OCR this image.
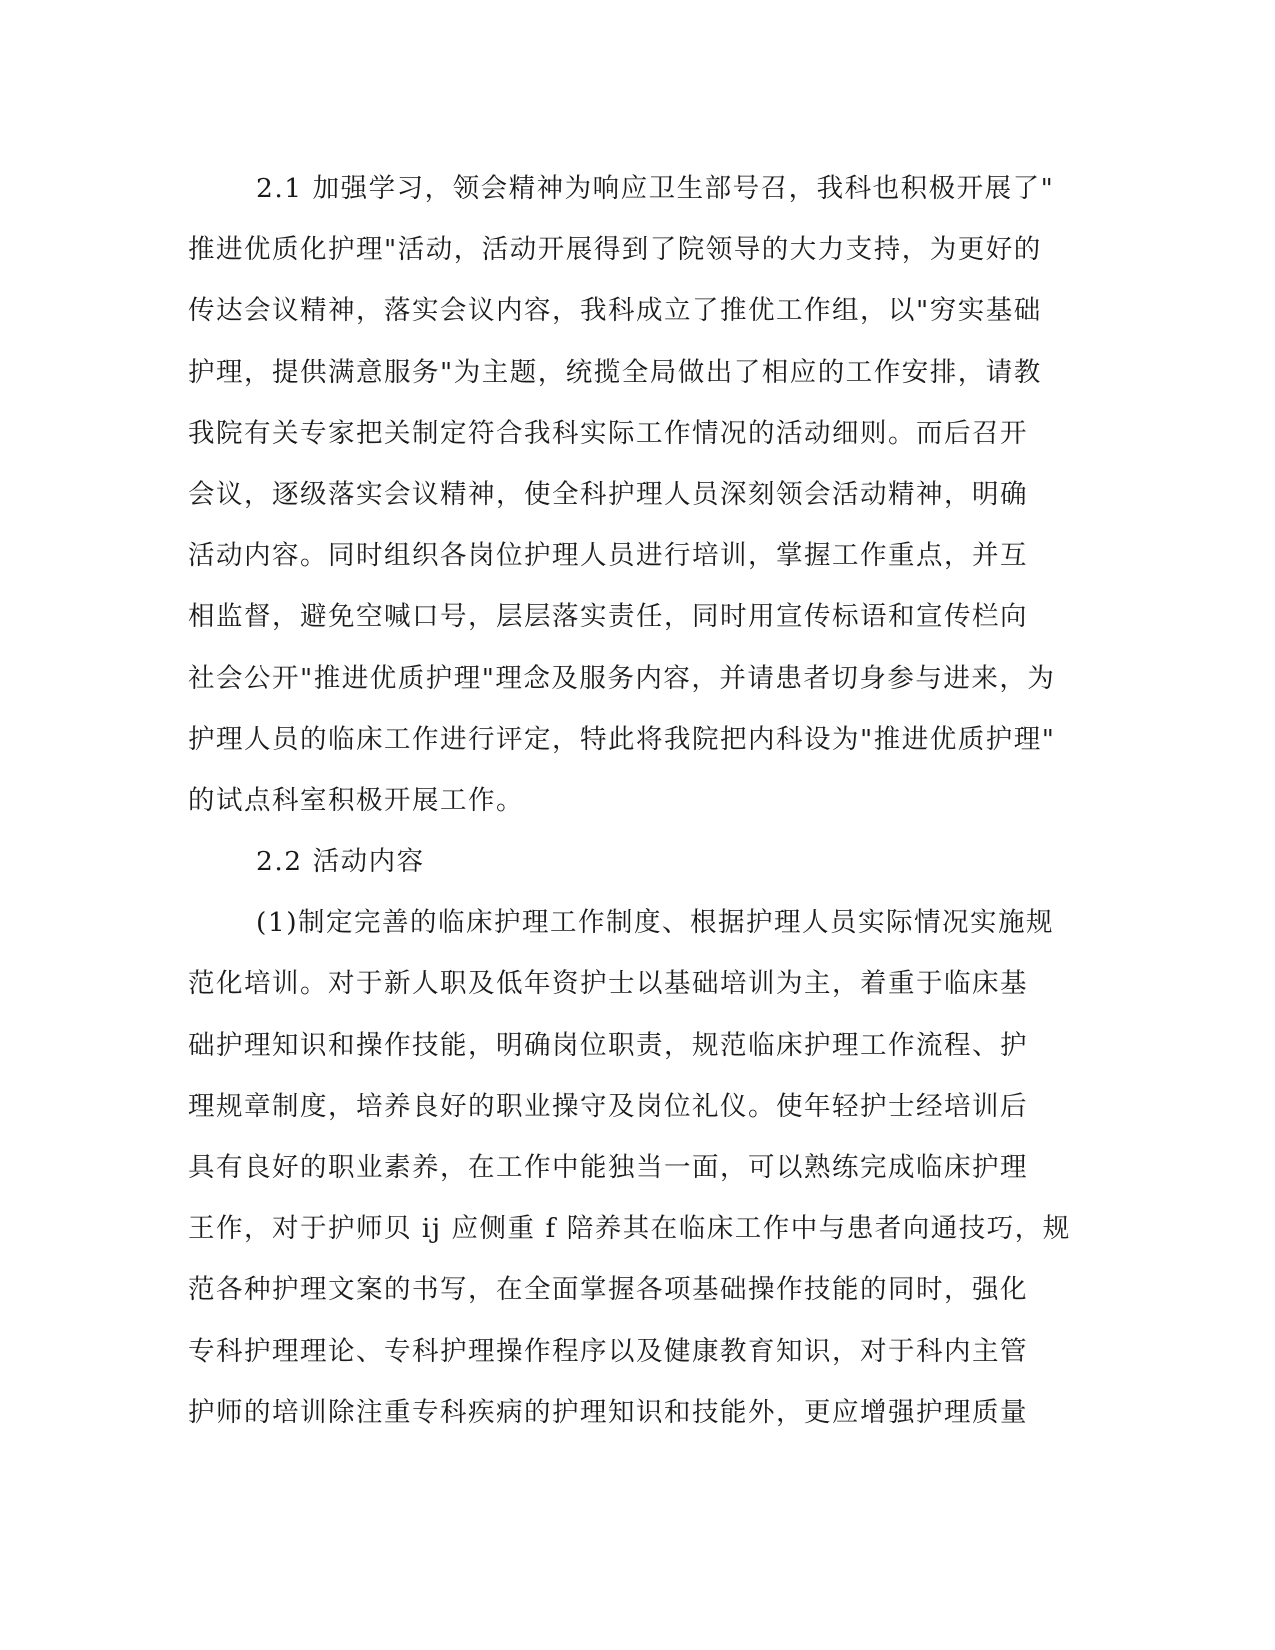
2.1 加强学习，领会精神为响应卫生部号召，我科也积极开展了"
推进优质化护理"活动，活动开展得到了院领导的大力支持，为更好的
传达会议精神，落实会议内容，我科成立了推优工作组，以"穷实基础
护理，提供满意服务"为主题，统揽全局做出了相应的工作安排，请教
我院有关专家把关制定符合我科实际工作情况的活动细则。而后召开
会议，逐级落实会议精神，使全科护理人员深刻领会活动精神，明确
活动内容。同时组织各岗位护理人员进行培训，掌握工作重点，并互
相监督，避免空喊口号，层层落实责任，同时用宣传标语和宣传栏向
社会公开"推进优质护理"理念及服务内容，并请患者切身参与进来，为
护理人员的临床工作进行评定，特此将我院把内科设为"推进优质护理"
的试点科室积极开展工作。
2.2 活动内容
(1)制定完善的临床护理工作制度、根据护理人员实际情况实施规
范化培训。对于新人职及低年资护士以基础培训为主，着重于临床基
础护理知识和操作技能，明确岗位职责，规范临床护理工作流程、护
理规章制度，培养良好的职业操守及岗位礼仪。使年轻护士经培训后
具有良好的职业素养，在工作中能独当一面，可以熟练完成临床护理
王作，对于护师贝 ij 应侧重 f 陪养其在临床工作中与患者向通技巧，规
范各种护理文案的书写，在全面掌握各项基础操作技能的同时，强化
专科护理理论、专科护理操作程序以及健康教育知识，对于科内主管
护师的培训除注重专科疾病的护理知识和技能外，更应增强护理质量
